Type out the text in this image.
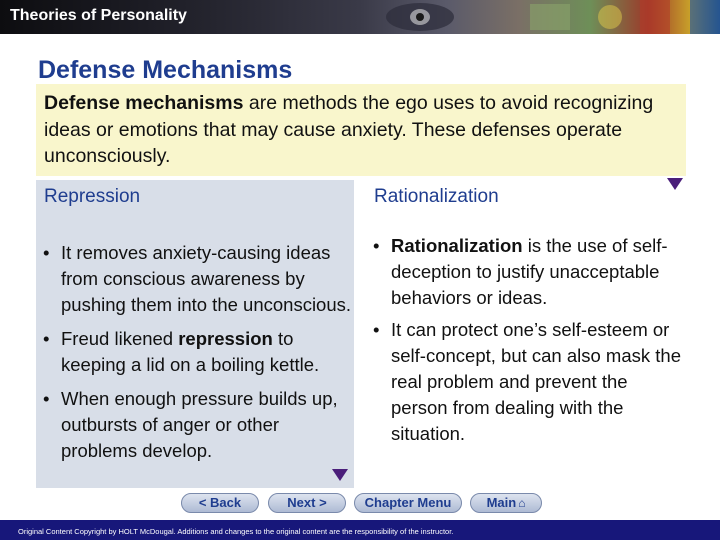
Theories of Personality
Defense Mechanisms

Defense mechanisms are methods the ego uses to avoid recognizing ideas or emotions that may cause anxiety. These defenses operate unconsciously.

Repression	Rationalization
• It removes anxiety-causing ideas from conscious awareness by pushing them into the unconscious.
• Freud likened repression to keeping a lid on a boiling kettle.
• When enough pressure builds up, outbursts of anger or other problems develop.
• Rationalization is the use of self-deception to justify unacceptable behaviors or ideas.
• It can protect one’s self-esteem or self-concept, but can also mask the real problem and prevent the person from dealing with the situation.
< Back	Next >	Chapter Menu	Main ⌂
Original Content Copyright by HOLT McDougal. Additions and changes to the original content are the responsibility of the instructor.
